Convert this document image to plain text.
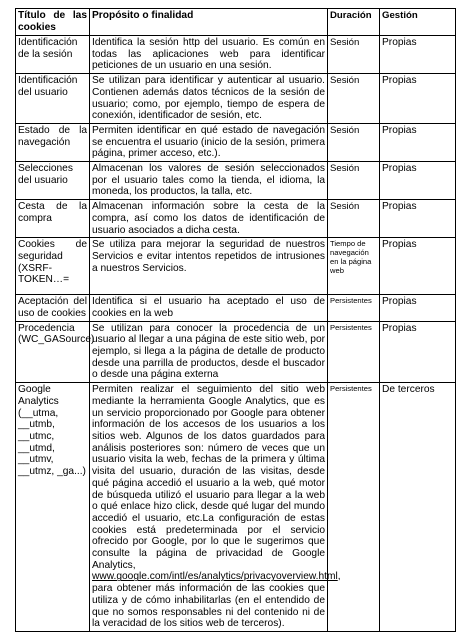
Título de las cookies	Propósito o finalidad	Duración	Gestión
Identificación de la sesión	Identifica la sesión http del usuario. Es común en todas las aplicaciones web para identificar peticiones de un usuario en una sesión.	Sesión	Propias
Identificación del usuario	Se utilizan para identificar y autenticar al usuario. Contienen además datos técnicos de la sesión de usuario; como, por ejemplo, tiempo de espera de conexión, identificador de sesión, etc.	Sesión	Propias
Estado de la navegación	Permiten identificar en qué estado de navegación se encuentra el usuario (inicio de la sesión, primera página, primer acceso, etc.).	Sesión	Propias
Selecciones del usuario	Almacenan los valores de sesión seleccionados por el usuario tales como la tienda, el idioma, la moneda, los productos, la talla, etc.	Sesión	Propias
Cesta de la compra	Almacenan información sobre la cesta de la compra, así como los datos de identificación de usuario asociados a dicha cesta.	Sesión	Propias
Cookies de seguridad (XSRF-TOKEN…=	Se utiliza para mejorar la seguridad de nuestros Servicios e evitar intentos repetidos de intrusiones a nuestros Servicios.	Tiempo de navegación en la página web	Propias
Aceptación del uso de cookies	Identifica si el usuario ha aceptado el uso de cookies en la web	Persistentes	Propias
Procedencia (WC_GASource)	Se utilizan para conocer la procedencia de un usuario al llegar a una página de este sitio web, por ejemplo, si llega a la página de detalle de producto desde una parrilla de productos, desde el buscador o desde una página externa	Persistentes	Propias
Google Analytics (__utma, __utmb, __utmc, __utmd, __utmv, __utmz, _ga...)	Permiten realizar el seguimiento del sitio web mediante la herramienta Google Analytics, que es un servicio proporcionado por Google para obtener información de los accesos de los usuarios a los sitios web. Algunos de los datos guardados para análisis posteriores son: número de veces que un usuario visita la web, fechas de la primera y última visita del usuario, duración de las visitas, desde qué página accedió el usuario a la web, qué motor de búsqueda utilizó el usuario para llegar a la web o qué enlace hizo click, desde qué lugar del mundo accedió el usuario, etc.La configuración de estas cookies está predeterminada por el servicio ofrecido por Google, por lo que le sugerimos que consulte la página de privacidad de Google Analytics, www.google.com/intl/es/analytics/privacyoverview.html, para obtener más información de las cookies que utiliza y de cómo inhabilitarlas (en el entendido de que no somos responsables ni del contenido ni de la veracidad de los sitios web de terceros).	Persistentes	De terceros
